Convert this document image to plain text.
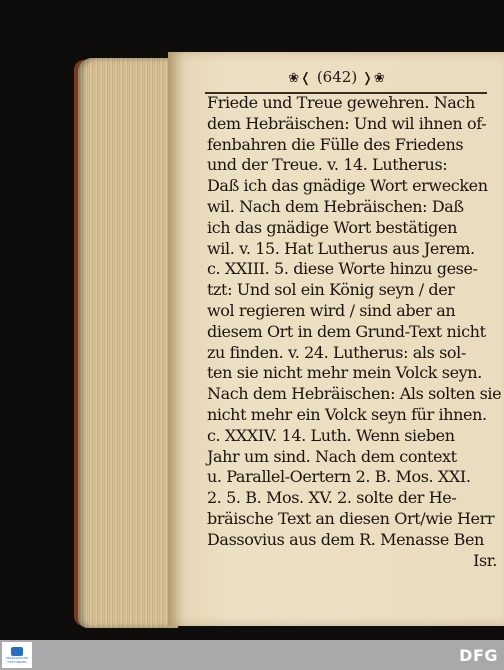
❀❬ (642) ❭❀
Friede und Treue gewehren. Nach
dem Hebräischen: Und wil ihnen of-
fenbahren die Fülle des Friedens
und der Treue. v. 14. Lutherus:
Daß ich das gnädige Wort erwecken
wil. Nach dem Hebräischen: Daß
ich das gnädige Wort bestätigen
wil. v. 15. Hat Lutherus aus Jerem.
c. XXIII. 5. diese Worte hinzu gese-
tzt: Und sol ein König seyn / der
wol regieren wird / sind aber an
diesem Ort in dem Grund-Text nicht
zu finden. v. 24. Lutherus: als sol-
ten sie nicht mehr mein Volck seyn.
Nach dem Hebräischen: Als solten sie
nicht mehr ein Volck seyn für ihnen.
c. XXXIV. 14. Luth. Wenn sieben
Jahr um sind. Nach dem context
u. Parallel-Oertern 2. B. Mos. XXI.
2. 5. B. Mos. XV. 2. solte der He-
bräische Text an diesen Ort/wie Herr
Dassovius aus dem R. Menasse Ben
Isr.
FRANCKESCHE
STIFTUNGEN	DFG
